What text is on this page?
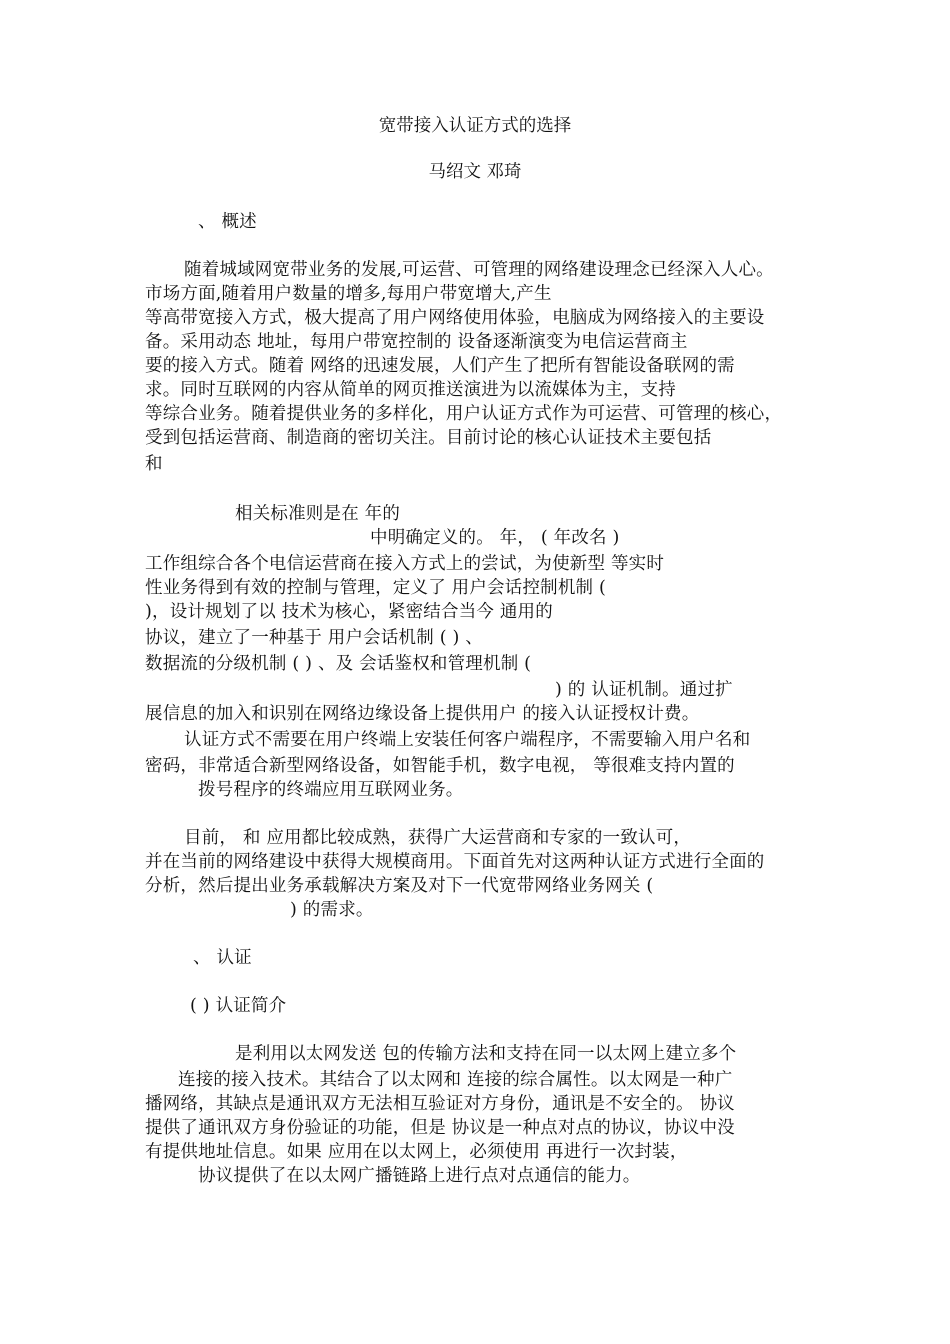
宽带接入认证方式的选择
马绍文 邓琦
、 概述
随着城域网宽带业务的发展,可运营、可管理的网络建设理念已经深入人心。
市场方面,随着用户数量的增多,每用户带宽增大,产生
等高带宽接入方式，极大提高了用户网络使用体验，电脑成为网络接入的主要设
备。采用动态 地址，每用户带宽控制的 设备逐渐演变为电信运营商主
要的接入方式。随着 网络的迅速发展，人们产生了把所有智能设备联网的需
求。同时互联网的内容从简单的网页推送演进为以流媒体为主，支持
等综合业务。随着提供业务的多样化，用户认证方式作为可运营、可管理的核心，
受到包括运营商、制造商的密切关注。目前讨论的核心认证技术主要包括
和
相关标准则是在 年的
中明确定义的。 年， ( 年改名 )
工作组综合各个电信运营商在接入方式上的尝试，为使新型 等实时
性业务得到有效的控制与管理，定义了 用户会话控制机制 (
)，设计规划了以 技术为核心，紧密结合当今 通用的
协议，建立了一种基于 用户会话机制 ( ) 、
数据流的分级机制 ( ) 、及 会话鉴权和管理机制 (
) 的 认证机制。通过扩
展信息的加入和识别在网络边缘设备上提供用户 的接入认证授权计费。
认证方式不需要在用户终端上安装任何客户端程序，不需要输入用户名和
密码，非常适合新型网络设备，如智能手机，数字电视， 等很难支持内置的
拨号程序的终端应用互联网业务。
目前， 和 应用都比较成熟，获得广大运营商和专家的一致认可，
并在当前的网络建设中获得大规模商用。下面首先对这两种认证方式进行全面的
分析，然后提出业务承载解决方案及对下一代宽带网络业务网关 (
) 的需求。
、 认证
( ) 认证简介
是利用以太网发送 包的传输方法和支持在同一以太网上建立多个
连接的接入技术。其结合了以太网和 连接的综合属性。以太网是一种广
播网络，其缺点是通讯双方无法相互验证对方身份，通讯是不安全的。 协议
提供了通讯双方身份验证的功能，但是 协议是一种点对点的协议，协议中没
有提供地址信息。如果 应用在以太网上，必须使用 再进行一次封装，
协议提供了在以太网广播链路上进行点对点通信的能力。
